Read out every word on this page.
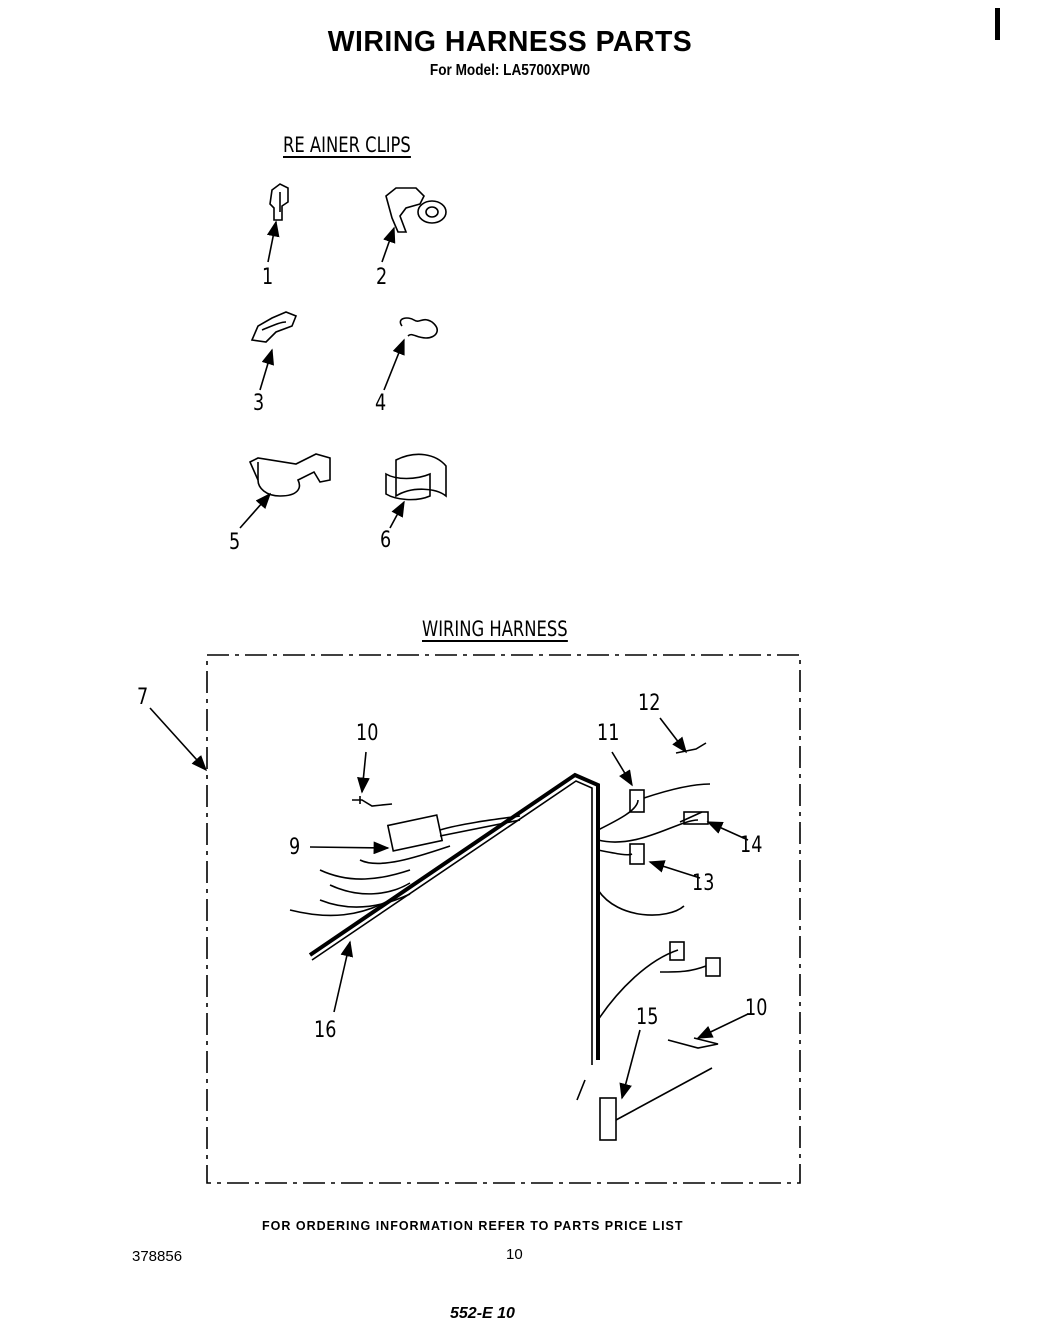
WIRING HARNESS PARTS
For Model: LA5700XPW0
RE AINER CLIPS
WIRING HARNESS
1	2
3	4
5	6
7
10	11
12
9	14
13
16
15	10
FOR ORDERING INFORMATION REFER TO PARTS PRICE LIST
378856	10
552-E 10
